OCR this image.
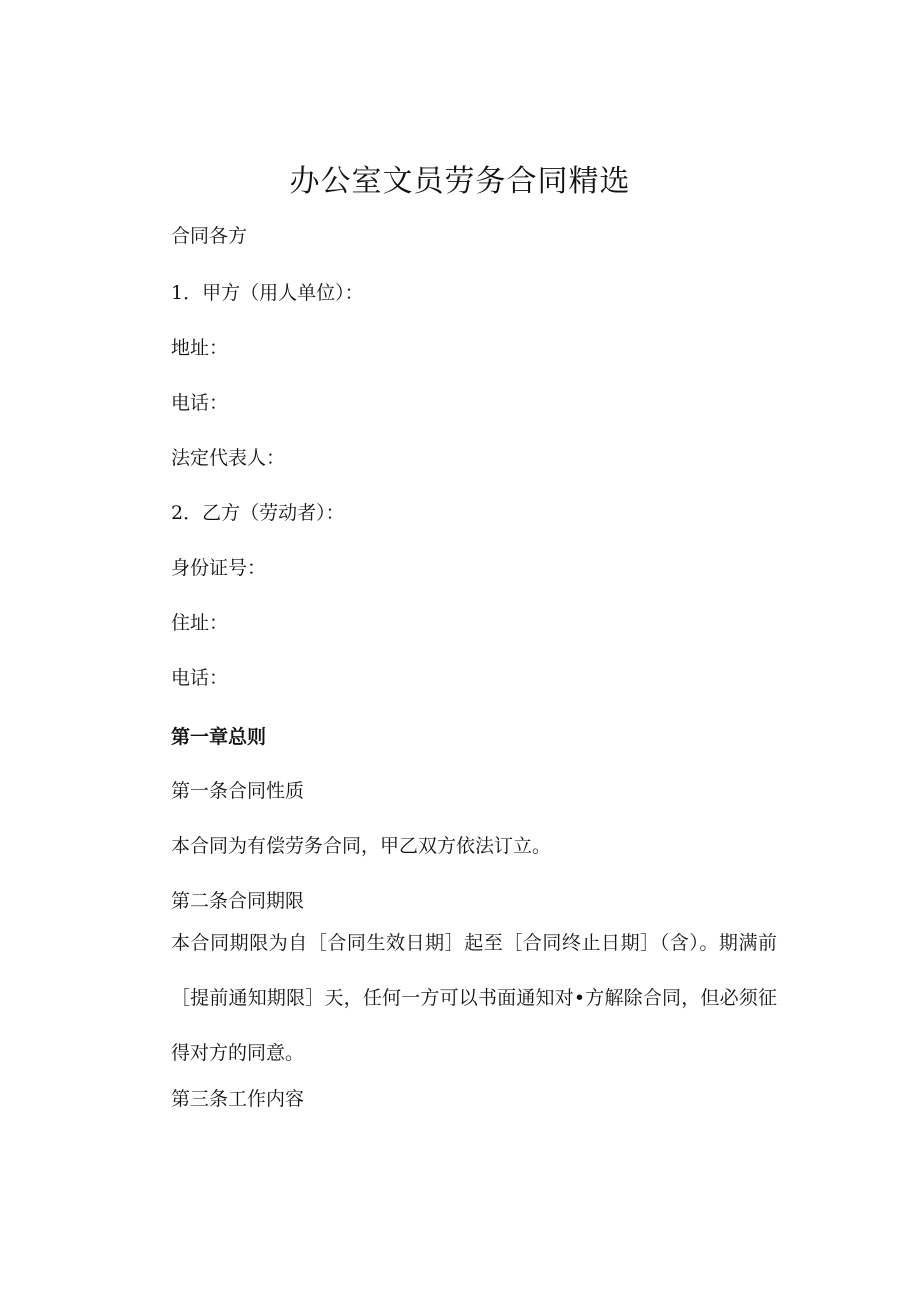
办公室文员劳务合同精选

合同各方

1．甲方（用人单位）：

地址：

电话：

法定代表人：

2．乙方（劳动者）：

身份证号：

住址：

电话：

第一章总则

第一条合同性质

本合同为有偿劳务合同，甲乙双方依法订立。

第二条合同期限

本合同期限为自［合同生效日期］起至［合同终止日期］（含）。期满前［提前通知期限］天，任何一方可以书面通知对•方解除合同，但必须征得对方的同意。

第三条工作内容
